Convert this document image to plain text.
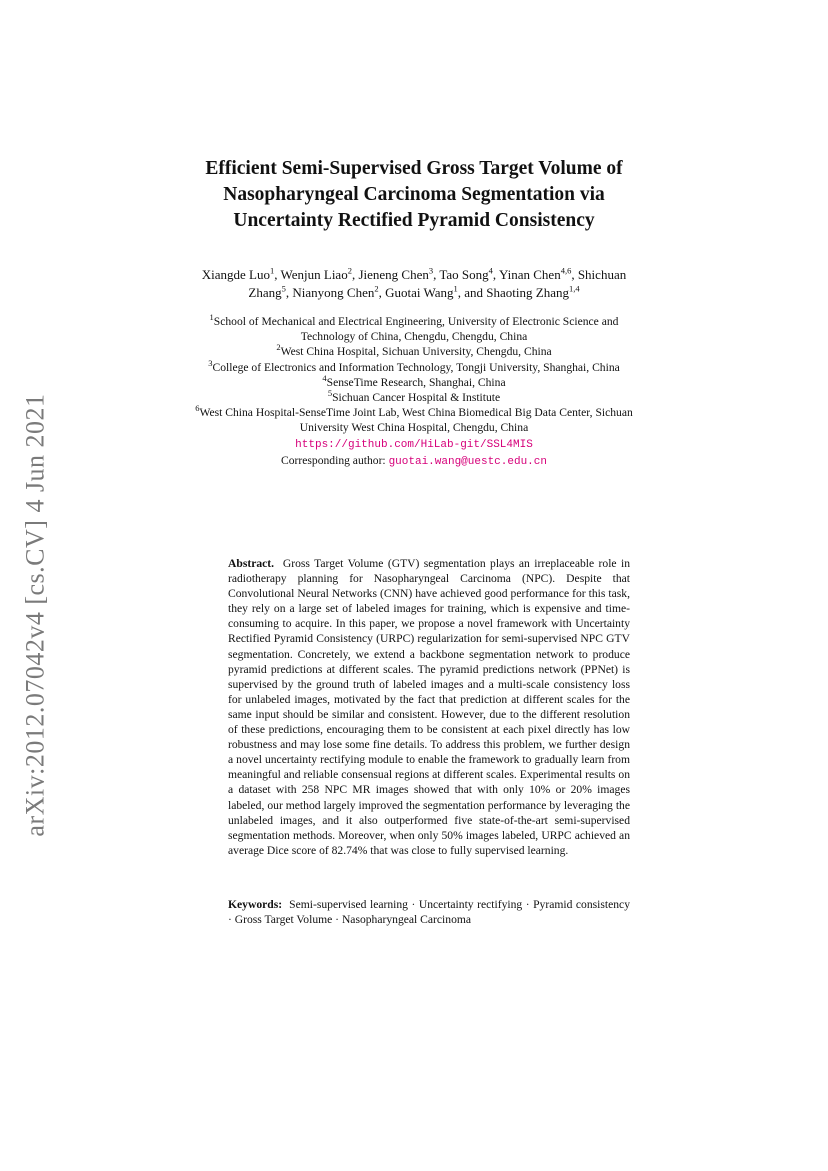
arXiv:2012.07042v4 [cs.CV] 4 Jun 2021
Efficient Semi-Supervised Gross Target Volume of
Nasopharyngeal Carcinoma Segmentation via
Uncertainty Rectified Pyramid Consistency
Xiangde Luo$^1$, Wenjun Liao$^2$, Jieneng Chen$^3$, Tao Song$^4$, Yinan Chen$^{4,6}$, Shichuan
Zhang$^5$, Nianyong Chen$^2$, Guotai Wang$^1$, and Shaoting Zhang$^{1,4}$
$^1$School of Mechanical and Electrical Engineering, University of Electronic Science and
Technology of China, Chengdu, Chengdu, China
$^2$West China Hospital, Sichuan University, Chengdu, China
$^3$College of Electronics and Information Technology, Tongji University, Shanghai, China
$^4$SenseTime Research, Shanghai, China
$^5$Sichuan Cancer Hospital & Institute
$^6$West China Hospital-SenseTime Joint Lab, West China Biomedical Big Data Center, Sichuan
University West China Hospital, Chengdu, China
https://github.com/HiLab-git/SSL4MIS
Corresponding author: guotai.wang@uestc.edu.cn
Abstract. Gross Target Volume (GTV) segmentation plays an irreplaceable role in radiotherapy planning for Nasopharyngeal Carcinoma (NPC). Despite that Convolutional Neural Networks (CNN) have achieved good performance for this task, they rely on a large set of labeled images for training, which is expensive and time-consuming to acquire. In this paper, we propose a novel framework with Uncertainty Rectified Pyramid Consistency (URPC) regularization for semi-supervised NPC GTV segmentation. Concretely, we extend a backbone segmentation network to produce pyramid predictions at different scales. The pyramid predictions network (PPNet) is supervised by the ground truth of labeled images and a multi-scale consistency loss for unlabeled images, motivated by the fact that prediction at different scales for the same input should be similar and consistent. However, due to the different resolution of these predictions, encouraging them to be consistent at each pixel directly has low robustness and may lose some fine details. To address this problem, we further design a novel uncertainty rectifying module to enable the framework to gradually learn from meaningful and reliable consensual regions at different scales. Experimental results on a dataset with 258 NPC MR images showed that with only 10% or 20% images labeled, our method largely improved the segmentation performance by leveraging the unlabeled images, and it also outperformed five state-of-the-art semi-supervised segmentation methods. Moreover, when only 50% images labeled, URPC achieved an average Dice score of 82.74% that was close to fully supervised learning.
Keywords: Semi-supervised learning · Uncertainty rectifying · Pyramid consistency · Gross Target Volume · Nasopharyngeal Carcinoma
